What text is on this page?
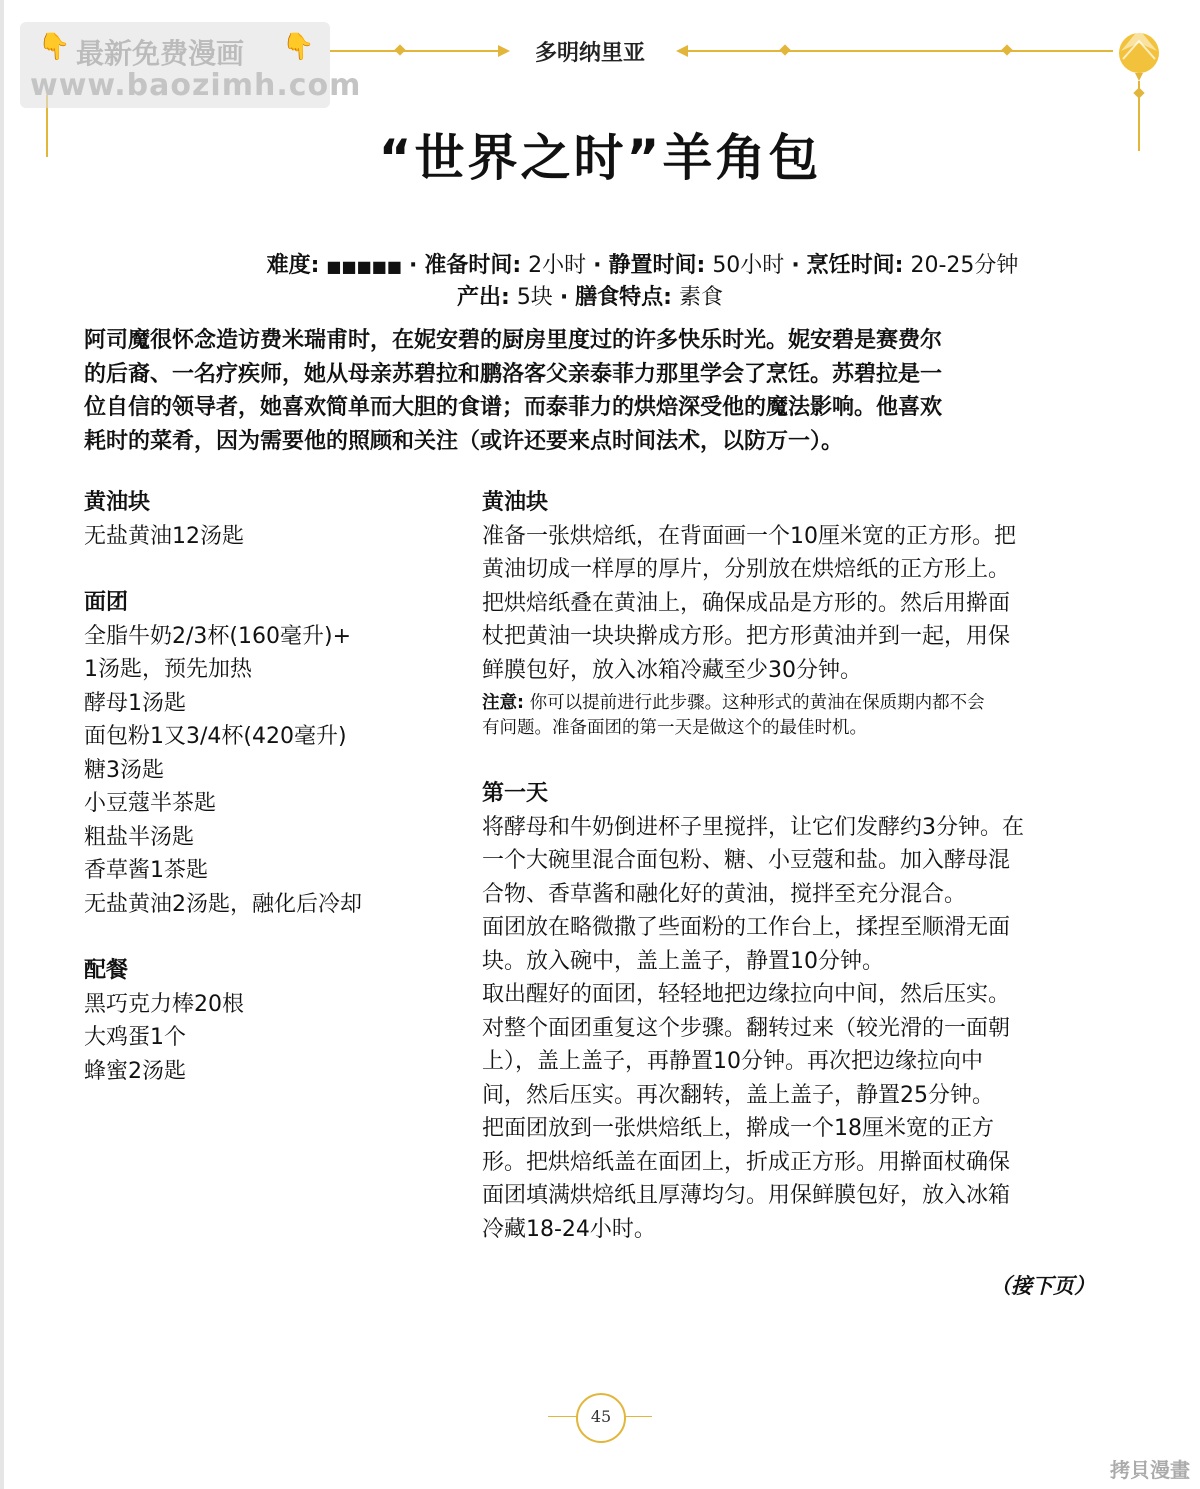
多明纳里亚
👇 最新免费漫画 👇
www.baozimh.com
拷貝漫畫
“世界之时”羊角包
难度: ■■■■■ · 准备时间: 2小时 · 静置时间: 50小时 · 烹饪时间: 20-25分钟
产出: 5块 · 膳食特点: 素食
阿司魔很怀念造访费米瑞甫时，在妮安碧的厨房里度过的许多快乐时光。妮安碧是赛费尔
的后裔、一名疗疾师，她从母亲苏碧拉和鹏洛客父亲泰菲力那里学会了烹饪。苏碧拉是一
位自信的领导者，她喜欢简单而大胆的食谱；而泰菲力的烘焙深受他的魔法影响。他喜欢
耗时的菜肴，因为需要他的照顾和关注（或许还要来点时间法术，以防万一）。

黄油块

无盐黄油12汤匙

面团

全脂牛奶2/3杯(160毫升)+

1汤匙，预先加热

酵母1汤匙

面包粉1又3/4杯(420毫升)

糖3汤匙

小豆蔻半茶匙

粗盐半汤匙

香草酱1茶匙

无盐黄油2汤匙，融化后冷却

配餐

黑巧克力棒20根

大鸡蛋1个

蜂蜜2汤匙

黄油块

准备一张烘焙纸，在背面画一个10厘米宽的正方形。把

黄油切成一样厚的厚片，分别放在烘焙纸的正方形上。

把烘焙纸叠在黄油上，确保成品是方形的。然后用擀面

杖把黄油一块块擀成方形。把方形黄油并到一起，用保

鲜膜包好，放入冰箱冷藏至少30分钟。

注意: 你可以提前进行此步骤。这种形式的黄油在保质期内都不会
有问题。准备面团的第一天是做这个的最佳时机。

第一天

将酵母和牛奶倒进杯子里搅拌，让它们发酵约3分钟。在

一个大碗里混合面包粉、糖、小豆蔻和盐。加入酵母混

合物、香草酱和融化好的黄油，搅拌至充分混合。

面团放在略微撒了些面粉的工作台上，揉捏至顺滑无面

块。放入碗中，盖上盖子，静置10分钟。

取出醒好的面团，轻轻地把边缘拉向中间，然后压实。

对整个面团重复这个步骤。翻转过来（较光滑的一面朝

上），盖上盖子，再静置10分钟。再次把边缘拉向中

间，然后压实。再次翻转，盖上盖子，静置25分钟。

把面团放到一张烘焙纸上，擀成一个18厘米宽的正方

形。把烘焙纸盖在面团上，折成正方形。用擀面杖确保

面团填满烘焙纸且厚薄均匀。用保鲜膜包好，放入冰箱

冷藏18-24小时。

（接下页）
45
